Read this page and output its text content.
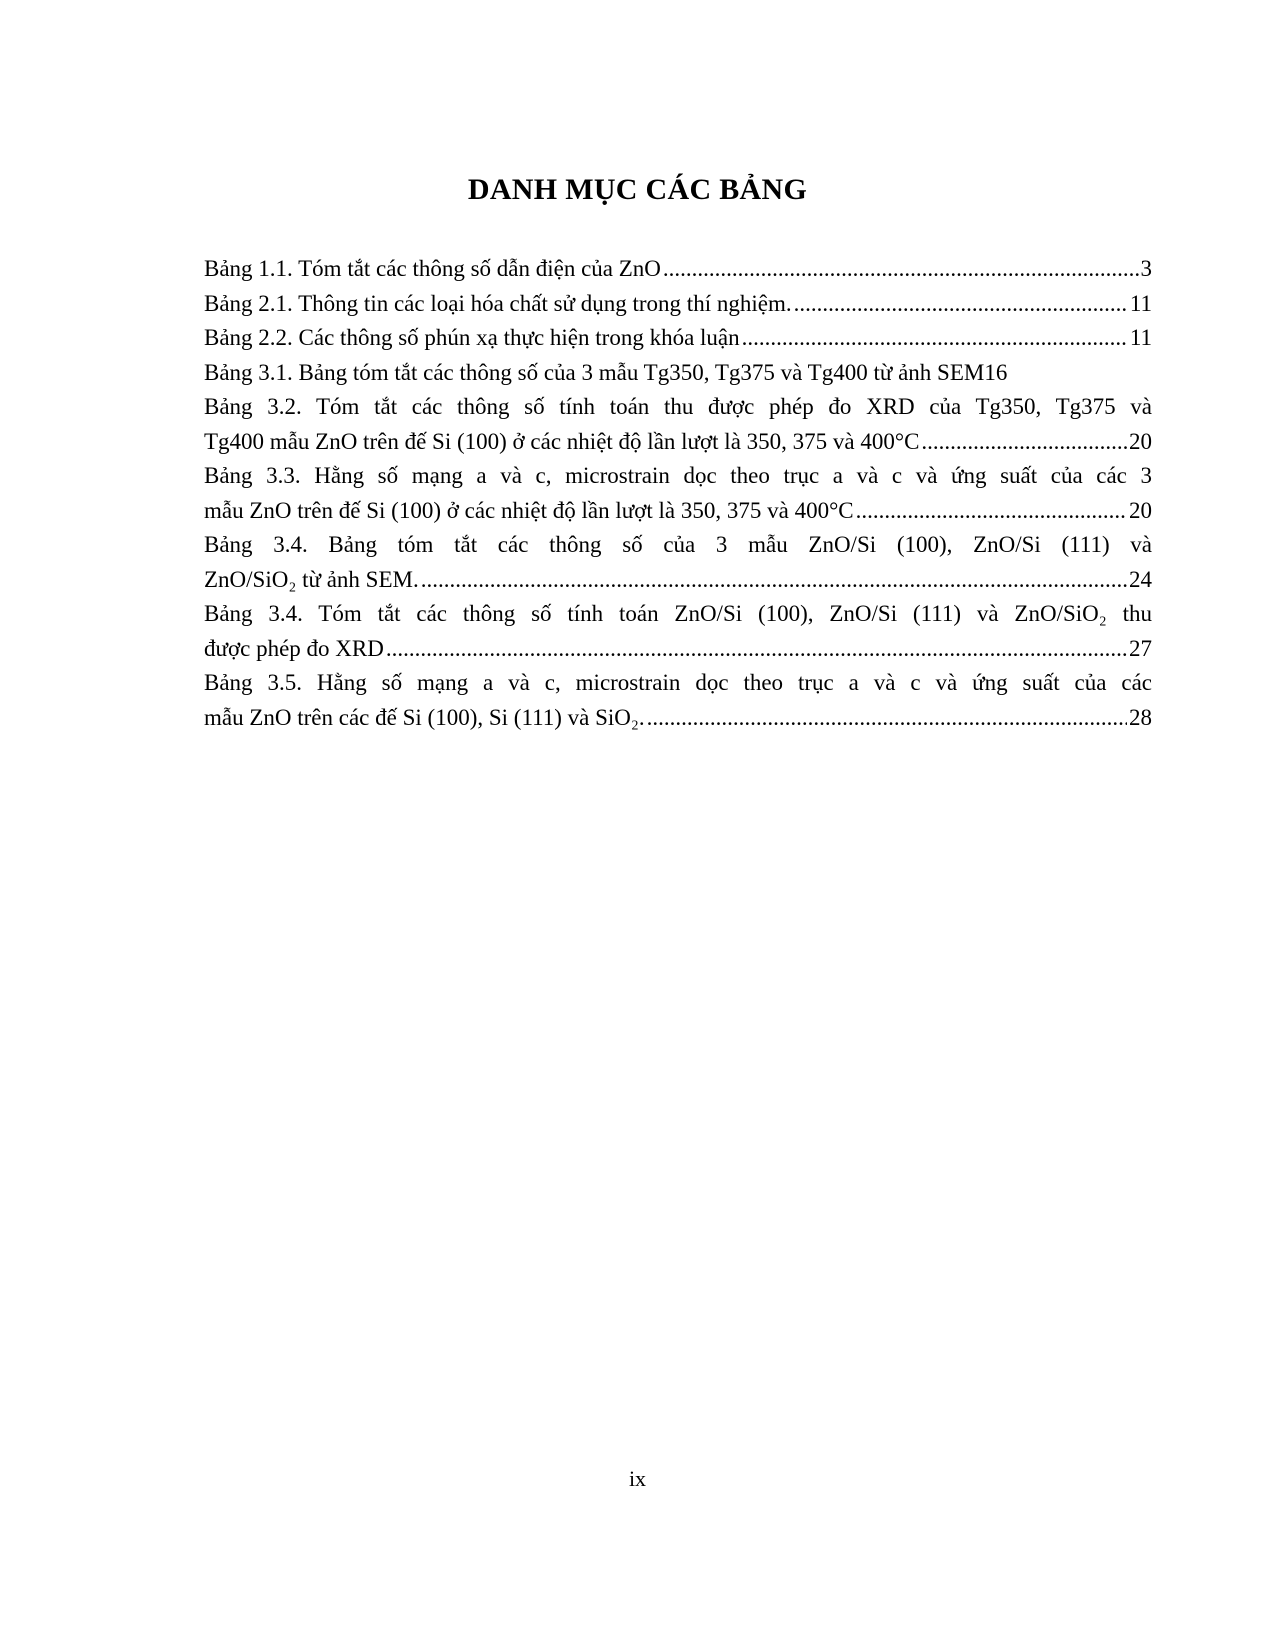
DANH MỤC CÁC BẢNG
Bảng 1.1. Tóm tắt các thông số dẫn điện của ZnO .....	3
Bảng 2.1. Thông tin các loại hóa chất sử dụng trong thí nghiệm. .....	11
Bảng 2.2. Các thông số phún xạ thực hiện trong khóa luận .....	11
Bảng 3.1. Bảng tóm tắt các thông số của 3 mẫu Tg350, Tg375 và Tg400 từ ảnh SEM 16
Bảng 3.2. Tóm tắt các thông số tính toán thu được phép đo XRD của Tg350, Tg375 và
Tg400 mẫu ZnO trên đế Si (100) ở các nhiệt độ lần lượt là 350, 375 và 400°C .....	20
Bảng 3.3. Hằng số mạng a và c, microstrain dọc theo trục a và c và ứng suất của các 3
mẫu ZnO trên đế Si (100) ở các nhiệt độ lần lượt là 350, 375 và 400°C .....	20
Bảng 3.4. Bảng tóm tắt các thông số của 3 mẫu ZnO/Si (100), ZnO/Si (111) và
ZnO/SiO₂ từ ảnh SEM. .....	24
Bảng 3.4. Tóm tắt các thông số tính toán ZnO/Si (100), ZnO/Si (111) và ZnO/SiO₂ thu
được phép đo XRD .....	27
Bảng 3.5. Hằng số mạng a và c, microstrain dọc theo trục a và c và ứng suất của các
mẫu ZnO trên các đế Si (100), Si (111) và SiO₂. .....	28
ix
